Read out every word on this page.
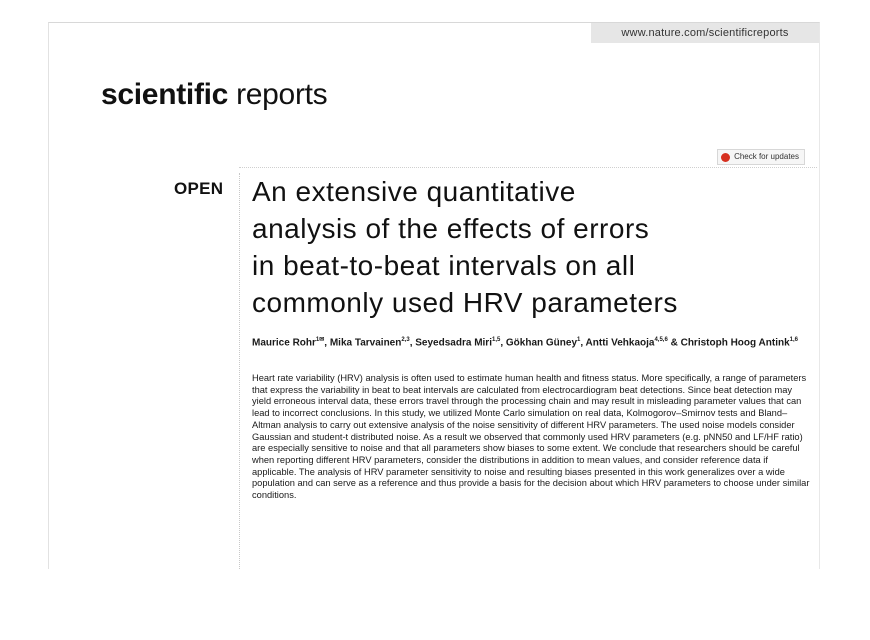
www.nature.com/scientificreports
scientific reports
Check for updates
OPEN An extensive quantitative
analysis of the effects of errors
in beat-to-beat intervals on all
commonly used HRV parameters

Maurice Rohr$^{1✉}$, Mika Tarvainen$^{2,3}$, Seyedsadra Miri$^{1,5}$, Gökhan Güney$^1$, Antti Vehkaoja$^{4,5,6}$ & Christoph Hoog Antink$^{1,6}$

Heart rate variability (HRV) analysis is often used to estimate human health and fitness status. More specifically, a range of parameters that express the variability in beat to beat intervals are calculated from electrocardiogram beat detections. Since beat detection may yield erroneous interval data, these errors travel through the processing chain and may result in misleading parameter values that can lead to incorrect conclusions. In this study, we utilized Monte Carlo simulation on real data, Kolmogorov–Smirnov tests and Bland–Altman analysis to carry out extensive analysis of the noise sensitivity of different HRV parameters. The used noise models consider Gaussian and student-t distributed noise. As a result we observed that commonly used HRV parameters (e.g. pNN50 and LF/HF ratio) are especially sensitive to noise and that all parameters show biases to some extent. We conclude that researchers should be careful when reporting different HRV parameters, consider the distributions in addition to mean values, and consider reference data if applicable. The analysis of HRV parameter sensitivity to noise and resulting biases presented in this work generalizes over a wide population and can serve as a reference and thus provide a basis for the decision about which HRV parameters to choose under similar conditions.
